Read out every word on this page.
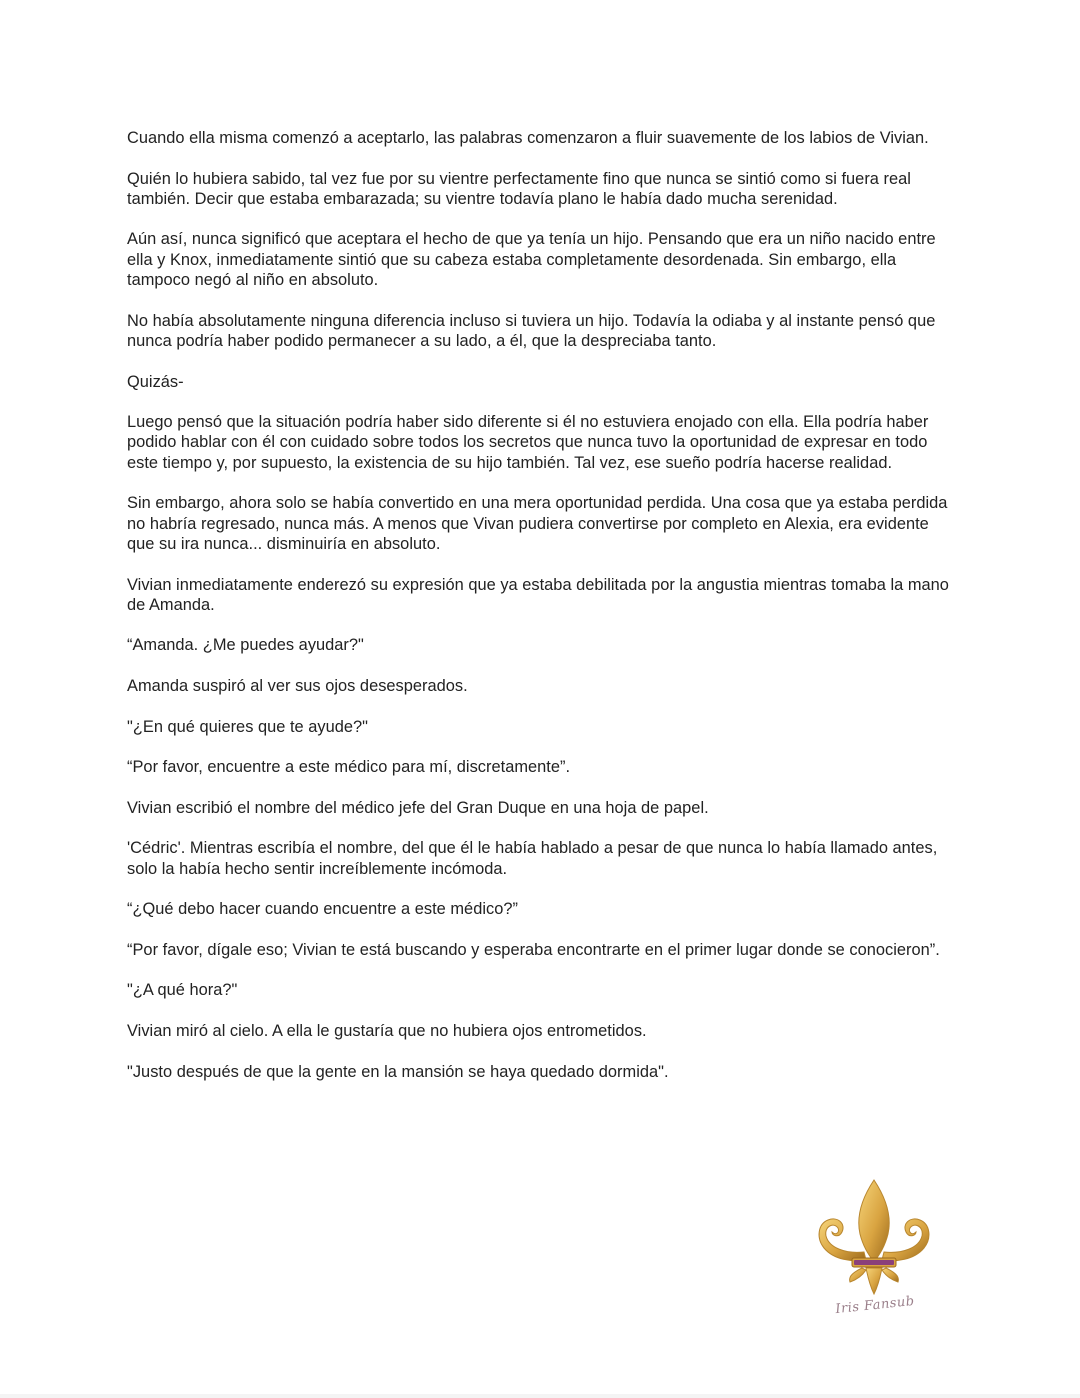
Cuando ella misma comenzó a aceptarlo, las palabras comenzaron a fluir suavemente de los labios de Vivian.

Quién lo hubiera sabido, tal vez fue por su vientre perfectamente fino que nunca se sintió como si fuera real también. Decir que estaba embarazada; su vientre todavía plano le había dado mucha serenidad.

Aún así, nunca significó que aceptara el hecho de que ya tenía un hijo. Pensando que era un niño nacido entre ella y Knox, inmediatamente sintió que su cabeza estaba completamente desordenada. Sin embargo, ella tampoco negó al niño en absoluto.

No había absolutamente ninguna diferencia incluso si tuviera un hijo. Todavía la odiaba y al instante pensó que nunca podría haber podido permanecer a su lado, a él, que la despreciaba tanto.

Quizás-

Luego pensó que la situación podría haber sido diferente si él no estuviera enojado con ella. Ella podría haber podido hablar con él con cuidado sobre todos los secretos que nunca tuvo la oportunidad de expresar en todo este tiempo y, por supuesto, la existencia de su hijo también. Tal vez, ese sueño podría hacerse realidad.

Sin embargo, ahora solo se había convertido en una mera oportunidad perdida. Una cosa que ya estaba perdida no habría regresado, nunca más. A menos que Vivan pudiera convertirse por completo en Alexia, era evidente que su ira nunca... disminuiría en absoluto.

Vivian inmediatamente enderezó su expresión que ya estaba debilitada por la angustia mientras tomaba la mano de Amanda.

“Amanda. ¿Me puedes ayudar?"

Amanda suspiró al ver sus ojos desesperados.

"¿En qué quieres que te ayude?"

“Por favor, encuentre a este médico para mí, discretamente”.

Vivian escribió el nombre del médico jefe del Gran Duque en una hoja de papel.

'Cédric'. Mientras escribía el nombre, del que él le había hablado a pesar de que nunca lo había llamado antes, solo la había hecho sentir increíblemente incómoda.

“¿Qué debo hacer cuando encuentre a este médico?”

“Por favor, dígale eso; Vivian te está buscando y esperaba encontrarte en el primer lugar donde se conocieron”.

"¿A qué hora?"

Vivian miró al cielo. A ella le gustaría que no hubiera ojos entrometidos.

"Justo después de que la gente en la mansión se haya quedado dormida".

Iris Fansub
